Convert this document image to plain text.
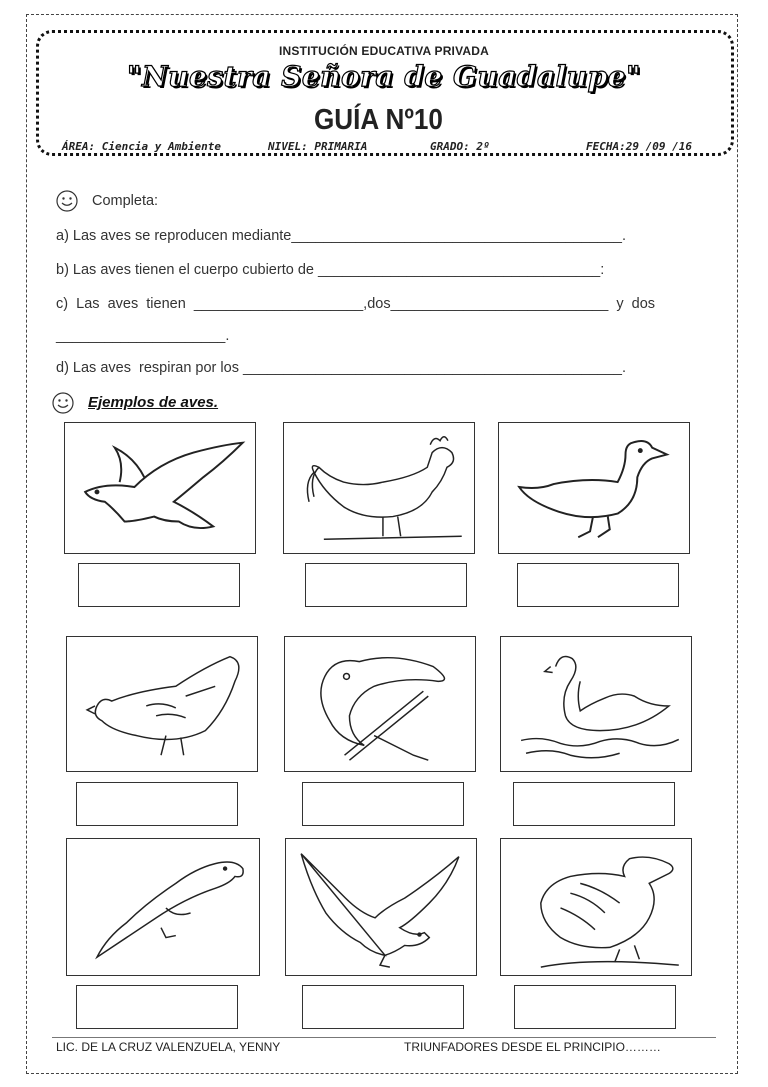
INSTITUCIÓN EDUCATIVA PRIVADA
"Nuestra Señora de Guadalupe"
GUÍA Nº10
ÁREA: Ciencia y Ambiente	NIVEL: PRIMARIA	GRADO: 2º	FECHA:29 /09 /16
Completa:
a) Las aves se reproducen mediante_________________________________________.
b) Las aves tienen el cuerpo cubierto de ___________________________________:
c)  Las  aves  tienen  _____________________,dos___________________________  y  dos
_____________________.
d) Las aves  respiran por los _______________________________________________.
Ejemplos de aves.
LIC. DE LA CRUZ VALENZUELA, YENNY	TRIUNFADORES DESDE EL PRINCIPIO………
